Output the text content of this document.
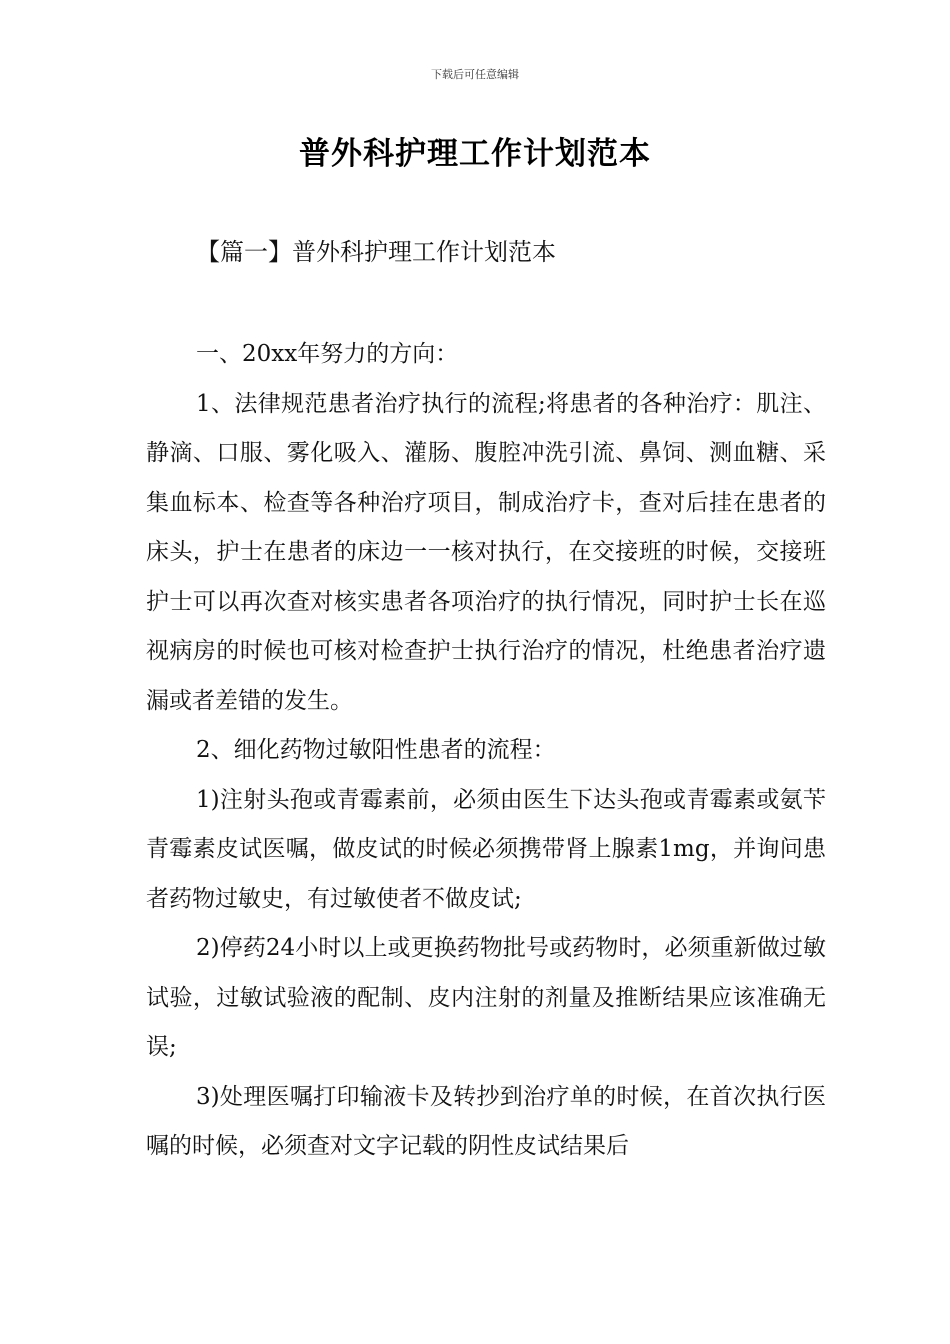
下载后可任意编辑
普外科护理工作计划范本
【篇一】普外科护理工作计划范本

一、20xx年努力的方向：

1、法律规范患者治疗执行的流程;将患者的各种治疗：肌注、静滴、口服、雾化吸入、灌肠、腹腔冲洗引流、鼻饲、测血糖、采集血标本、检查等各种治疗项目，制成治疗卡，查对后挂在患者的床头，护士在患者的床边一一核对执行，在交接班的时候，交接班护士可以再次查对核实患者各项治疗的执行情况，同时护士长在巡视病房的时候也可核对检查护士执行治疗的情况，杜绝患者治疗遗漏或者差错的发生。

2、细化药物过敏阳性患者的流程：

1)注射头孢或青霉素前，必须由医生下达头孢或青霉素或氨苄青霉素皮试医嘱，做皮试的时候必须携带肾上腺素1mg，并询问患者药物过敏史，有过敏使者不做皮试;

2)停药24小时以上或更换药物批号或药物时，必须重新做过敏试验，过敏试验液的配制、皮内注射的剂量及推断结果应该准确无误;

3)处理医嘱打印输液卡及转抄到治疗单的时候，在首次执行医嘱的时候，必须查对文字记载的阴性皮试结果后
